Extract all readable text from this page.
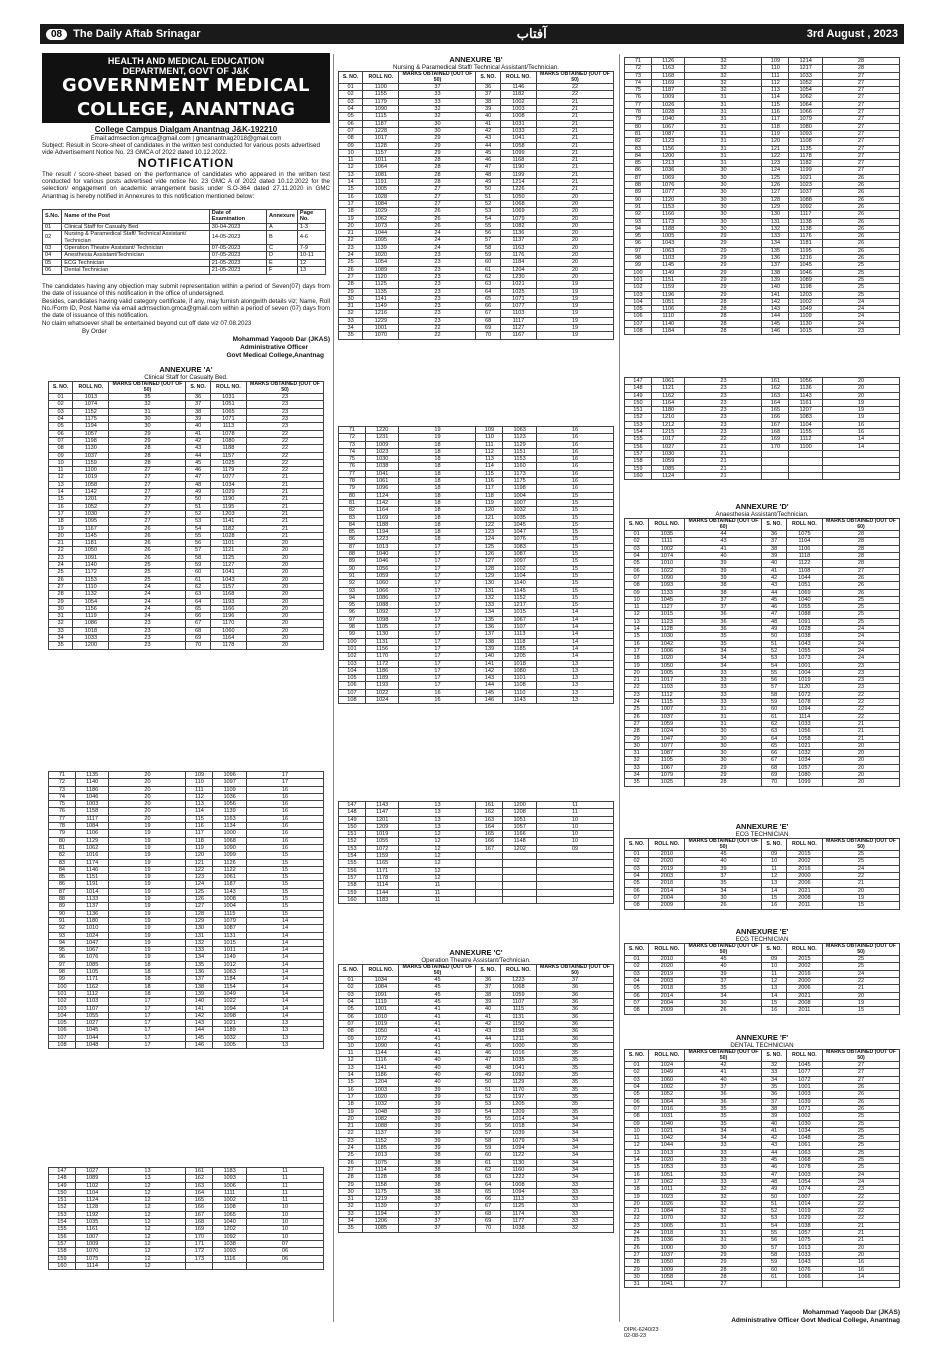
08	The Daily Aftab Srinagar	آفتاب	3rd August , 2023
HEALTH AND MEDICAL EDUCATION
DEPARTMENT, GOVT OF J&K
GOVERNMENT MEDICAL
COLLEGE, ANANTNAG
College Campus Dialgam Anantnag J&K-192210
Email:admsection.gmca@gmail.com | gmcanantnag2018@gmail.com
Subject: Result in Score-sheet of candidates in the written test conducted for various posts advertised vide Advertisement Notice No. 23 GMCA of 2022 dated 10.12.2022.
NOTIFICATION
The result / score-sheet based on the performance of candidates who appeared in the written test conducted for various posts advertised vide notice No. 23 GMC A of 2022 dated 10.12.2022 for the selection/ engagement on academic arrangement basis under S.O-364 dated 27.11.2020 in GMC Anantnag is hereby notified in Annexures to this notification mentioned below:
S.No.	Name of the Post	Date of Examination	Annexure	Page No.
01	Clinical Staff for Casualty Bed	30-04-2023	A	1-3
02	Nursing & Paramedical Staff/ Technical Assistant/ Technician	14-05-2023	B	4-6
03	Operation Theatre Assistant/ Technician	07-05-2023	C	7-9
04	Anesthesia Assistant/Technician	07-05-2023	D	10-11
05	ECG Technician	21-05-2023	E	12
06	Dental Technician	21-05-2023	F	13
The candidates having any objection may submit representation within a period of Seven(07) days from the date of issuance of this notification in the office of undersigned.
Besides, candidates having valid category certificate, if any, may furnish alongwith details viz; Name, Roll No./Form ID, Post Name via email admsection.gmca@gmail.com within a period of seven (07) days from the date of issuance of this notification.
No claim whatsoever shall be entertained beyond cut off date viz 07.08.2023
By Order
Mohammad Yaqoob Dar (JKAS)
Administrative Officer
Govt Medical College,Anantnag
ANNEXURE 'A'
Clinical Staff for Casualty Bed.
S. NO.	ROLL NO.	MARKS OBTAINED (OUT OF 50)	S. NO.	ROLL NO.	MARKS OBTAINED (OUT OF 50)
01	1013	35	36	1031	23
02	1074	32	37	1051	23
03	1152	31	38	1065	23
04	1175	30	39	1071	23
05	1194	30	40	1113	23
06	1057	29	41	1078	22
07	1198	29	42	1080	22
08	1130	28	43	1188	22
09	1037	28	44	1157	22
10	1159	28	45	1025	22
11	1100	27	46	1179	22
12	1019	27	47	1077	21
13	1058	27	48	1034	21
14	1142	27	49	1029	21
15	1201	27	50	1190	21
16	1052	27	51	1195	21
17	1030	27	52	1203	21
18	1095	27	53	1141	21
19	1167	26	54	1182	21
20	1145	26	55	1028	21
21	1181	26	56	1101	20
22	1050	26	57	1121	20
23	1091	26	58	1125	20
24	1140	25	59	1127	20
25	1172	25	60	1041	20
26	1153	25	61	1043	20
27	1110	24	62	1157	20
28	1132	24	63	1168	20
29	1054	24	64	1193	20
30	1156	24	65	1166	20
31	1119	24	66	1196	20
32	1086	23	67	1170	20
33	1018	23	68	1060	20
34	1033	23	69	1164	20
35	1200	23	70	1178	20
71	1135	20	109	1096	17
72	1140	20	110	1097	17
73	1186	20	111	1109	16
74	1046	20	112	1036	16
75	1003	20	113	1056	16
76	1158	20	114	1139	16
77	1117	20	115	1163	16
78	1084	19	116	1134	16
79	1106	19	117	1000	16
80	1129	19	118	1068	16
81	1062	19	119	1090	16
82	1016	19	120	1099	15
83	1174	19	121	1126	15
84	1146	19	122	1122	15
85	1151	19	123	1061	15
86	1191	19	124	1187	15
87	1014	19	125	1143	15
88	1133	19	126	1008	15
89	1137	19	127	1004	15
90	1136	19	128	1115	15
91	1180	19	129	1079	14
92	1010	19	130	1087	14
93	1024	19	131	1131	14
94	1047	19	132	1015	14
95	1067	19	133	1011	14
96	1076	19	134	1149	14
97	1085	18	135	1012	14
98	1105	18	136	1063	14
99	1171	18	137	1184	14
100	1162	18	138	1154	14
101	1112	18	139	1049	14
102	1103	17	140	1022	14
103	1107	17	141	1094	14
104	1055	17	142	1098	14
105	1027	17	143	1021	13
106	1045	17	144	1189	13
107	1044	17	145	1032	13
108	1048	17	146	1005	13
147	1027	13	161	1183	11
148	1089	13	162	1093	11
149	1102	12	163	1006	11
150	1104	12	164	1111	11
151	1124	12	165	1002	11
152	1128	12	166	1108	10
153	1192	12	167	1065	10
154	1035	12	168	1040	10
155	1161	12	169	1202	10
156	1007	12	170	1092	10
157	1009	12	171	1038	07
158	1070	12	172	1093	06
159	1075	12	173	1116	06
160	1114	12			
ANNEXURE 'B'
Nursing & Paramedical Staff/ Technical Assistant/Technician.
S. NO.	ROLL NO.	MARKS OBTAINED (OUT OF 50)	S. NO.	ROLL NO.	MARKS OBTAINED (OUT OF 50)
01	1100	37	36	1146	22
02	1155	33	37	1182	22
03	1179	33	38	1002	21
04	1090	32	39	1003	21
05	1115	32	40	1008	21
06	1187	30	41	1031	21
07	1228	30	42	1033	21
08	1017	29	43	1041	21
09	1128	29	44	1058	21
10	1157	29	45	1099	21
11	1011	28	46	1168	21
12	1064	28	47	1190	21
13	1081	28	48	1199	21
14	1191	28	49	1214	21
15	1005	27	50	1226	21
16	1028	27	51	1050	20
17	1084	27	52	1068	20
18	1029	26	53	1069	20
19	1062	26	54	1079	20
20	1073	26	55	1082	20
21	1044	24	56	1136	20
22	1095	24	57	1137	20
23	1139	24	58	1163	20
24	1020	23	59	1176	20
25	1054	23	60	1184	20
26	1089	23	61	1204	20
27	1120	23	62	1230	20
28	1125	23	63	1021	19
29	1135	23	64	1025	19
30	1141	23	65	1071	19
31	1149	23	66	1077	19
32	1216	23	67	1103	19
33	1229	23	68	1117	19
34	1001	22	69	1127	19
35	1070	22	70	1167	19
71	1220	19	109	1063	16
72	1231	19	110	1123	16
73	1009	18	111	1129	16
74	1023	18	112	1151	16
75	1030	18	113	1153	16
76	1038	18	114	1160	16
77	1041	18	115	1173	16
78	1061	18	116	1175	16
79	1096	18	117	1198	16
80	1124	18	118	1004	15
81	1142	18	119	1007	15
82	1164	18	120	1032	15
83	1169	18	121	1035	15
84	1188	18	122	1045	15
85	1194	18	123	1047	15
86	1223	18	124	1076	15
87	1013	17	125	1083	15
88	1040	17	126	1087	15
89	1046	17	127	1097	15
90	1056	17	128	1102	15
91	1059	17	129	1104	15
92	1060	17	130	1140	15
93	1066	17	131	1145	15
94	1086	17	132	1152	15
95	1088	17	133	1217	15
96	1092	17	134	1015	14
97	1098	17	135	1067	14
98	1105	17	136	1107	14
99	1130	17	137	1113	14
100	1131	17	138	1118	14
101	1156	17	139	1185	14
102	1170	17	140	1205	14
103	1172	17	141	1018	13
104	1186	17	142	1080	13
105	1189	17	143	1101	13
106	1193	17	144	1108	13
107	1022	16	145	1110	13
108	1024	16	146	1143	13
147	1143	13	161	1200	11
148	1147	13	162	1208	11
149	1201	13	163	1051	10
150	1209	13	164	1057	10
151	1019	12	165	1166	10
152	1055	12	166	1148	10
153	1072	12	167	1202	09
154	1159	12			
155	1165	12			
156	1171	12			
157	1178	12			
158	1114	11			
159	1144	11			
160	1183	11			
ANNEXURE 'C'
Operation Theatre Assistant/Technician.
S. NO.	ROLL NO.	MARKS OBTAINED (OUT OF 50)	S. NO.	ROLL NO.	MARKS OBTAINED (OUT OF 50)
01	1034	45	36	1223	37
02	1084	45	37	1068	36
03	1091	45	38	1059	36
04	1119	45	39	1107	36
05	1001	41	40	1115	36
06	1010	41	41	1131	36
07	1019	41	42	1150	36
08	1050	41	43	1198	36
09	1072	41	44	1211	36
10	1090	41	45	1000	35
11	1144	41	46	1016	35
12	1116	40	47	1035	35
13	1141	40	48	1041	35
14	1186	40	49	1092	35
15	1204	40	50	1129	35
16	1003	39	51	1170	35
17	1020	39	52	1197	35
18	1032	39	53	1205	35
19	1048	39	54	1209	35
20	1082	39	55	1014	34
21	1088	39	56	1018	34
22	1137	39	57	1039	34
23	1152	39	58	1079	34
24	1185	39	59	1094	34
25	1013	38	60	1122	34
26	1075	38	61	1130	34
27	1114	38	62	1160	34
28	1128	38	63	1222	34
29	1158	38	64	1008	33
30	1175	38	65	1094	33
31	1219	38	66	1113	33
32	1139	37	67	1125	33
33	1194	37	68	1174	33
34	1206	37	69	1177	33
35	1085	37	70	1038	32
71	1126	32	109	1214	28
72	1163	32	110	1217	28
73	1168	32	111	1033	27
74	1169	32	112	1052	27
75	1187	32	113	1054	27
76	1009	31	114	1062	27
77	1026	31	115	1064	27
78	1028	31	116	1066	27
79	1040	31	117	1079	27
80	1067	31	118	1080	27
81	1087	31	119	1093	27
82	1123	31	120	1108	27
83	1156	31	121	1135	27
84	1200	31	122	1178	27
85	1213	31	123	1182	27
86	1036	30	124	1199	27
87	1069	30	125	1021	26
88	1076	30	126	1023	26
89	1077	30	127	1037	26
90	1120	30	128	1088	26
91	1153	30	129	1092	26
92	1166	30	130	1117	26
93	1173	30	131	1138	26
94	1188	30	132	1138	26
95	1005	29	133	1176	26
96	1043	29	134	1181	26
97	1063	29	135	1195	26
98	1103	29	136	1216	26
99	1145	29	137	1045	25
100	1149	29	138	1046	25
101	1151	29	139	1089	25
102	1159	29	140	1198	25
103	1196	29	141	1203	25
104	1051	28	142	1002	24
105	1106	28	143	1049	24
106	1110	28	144	1109	24
107	1140	28	145	1130	24
108	1184	28	146	1015	23
147	1061	23	161	1056	20
148	1121	23	162	1136	20
149	1162	23	163	1143	20
150	1164	23	164	1161	19
151	1180	23	165	1207	19
152	1210	23	166	1083	19
153	1212	23	167	1104	16
154	1215	23	168	1155	16
155	1017	22	169	1112	14
156	1027	21	170	1100	14
157	1030	21			
158	1059	21			
159	1085	21			
160	1124	21			
ANNEXURE 'D'
Anaesthesia Assistant/Technician.
S. NO.	ROLL NO.	MARKS OBTAINED (OUT OF 60)	S. NO.	ROLL NO.	MARKS OBTAINED (OUT OF 60)
01	1035	44	36	1075	28
02	1111	43	37	1104	28
03	1002	41	38	1106	28
04	1074	40	39	1118	28
05	1010	39	40	1122	28
06	1022	39	41	1108	27
07	1090	39	42	1044	26
08	1093	38	43	1051	26
09	1133	38	44	1069	26
10	1045	37	45	1040	25
11	1127	37	46	1055	25
12	1015	36	47	1088	25
13	1123	36	48	1091	25
14	1128	36	49	1028	24
15	1030	35	50	1038	24
16	1042	35	51	1043	24
17	1006	34	52	1055	24
18	1020	34	53	1073	24
19	1050	34	54	1001	23
20	1005	33	55	1004	23
21	1017	33	56	1019	23
22	1103	33	57	1120	23
23	1112	33	58	1072	22
24	1115	33	59	1078	22
25	1007	31	60	1094	22
26	1037	31	61	1114	22
27	1059	31	62	1033	21
28	1024	30	63	1056	21
29	1047	30	64	1058	21
30	1077	30	65	1021	20
31	1087	30	66	1032	20
32	1105	30	67	1034	20
33	1067	29	68	1057	20
34	1079	29	69	1080	20
35	1025	28	70	1099	20
ANNEXURE 'E'
ECG TECHNICIAN
S. NO.	ROLL NO.	MARKS OBTAINED (OUT OF 50)	S. NO.	ROLL NO.	MARKS OBTAINED (OUT OF 50)
01	2010	45	09	2015	25
02	2020	40	10	2002	25
03	2019	39	11	2016	24
04	2003	37	12	2000	22
05	2018	35	13	2006	21
06	2014	34	14	2021	20
07	2004	30	15	2008	19
08	2009	26	16	2011	15
ANNEXURE 'E'
ECG TECHNICIAN
S. NO.	ROLL NO.	MARKS OBTAINED (OUT OF 50)	S. NO.	ROLL NO.	MARKS OBTAINED (OUT OF 50)
01	2010	45	09	2015	25
02	2020	40	10	2002	25
03	2019	39	11	2016	24
04	2003	37	12	2000	22
05	2018	35	13	2006	21
06	2014	34	14	2021	20
07	2004	30	15	2008	19
08	2009	26	16	2011	15
ANNEXURE 'F'
DENTAL TECHNICIAN
S. NO.	ROLL NO.	MARKS OBTAINED (OUT OF 50)	S. NO.	ROLL NO.	MARKS OBTAINED (OUT OF 50)
01	1024	42	32	1045	27
02	1049	41	33	1077	27
03	1060	40	34	1072	27
04	1002	37	35	1001	26
05	1052	36	36	1003	26
06	1064	36	37	1039	26
07	1016	35	38	1071	26
08	1031	35	39	1002	25
09	1040	35	40	1030	25
10	1021	34	41	1034	25
11	1042	34	42	1048	25
12	1044	33	43	1061	25
13	1013	33	44	1063	25
14	1020	33	45	1068	25
15	1053	33	46	1078	25
16	1051	33	47	1003	24
17	1062	33	48	1054	24
18	1011	32	49	1074	23
19	1023	32	50	1007	22
20	1026	32	51	1014	22
21	1084	32	52	1019	22
22	1070	32	53	1029	22
23	1005	31	54	1038	21
24	1018	31	55	1057	21
25	1036	31	56	1075	21
26	1000	30	57	1013	20
27	1037	29	58	1033	20
28	1050	29	59	1043	16
29	1009	28	60	1076	16
30	1058	28	61	1066	14
31	1041	27			
Mohammad Yaqoob Dar (JKAS)
Administrative Officer Govt Medical College, Anantnag
DIPK-6240/23
02-08-23
